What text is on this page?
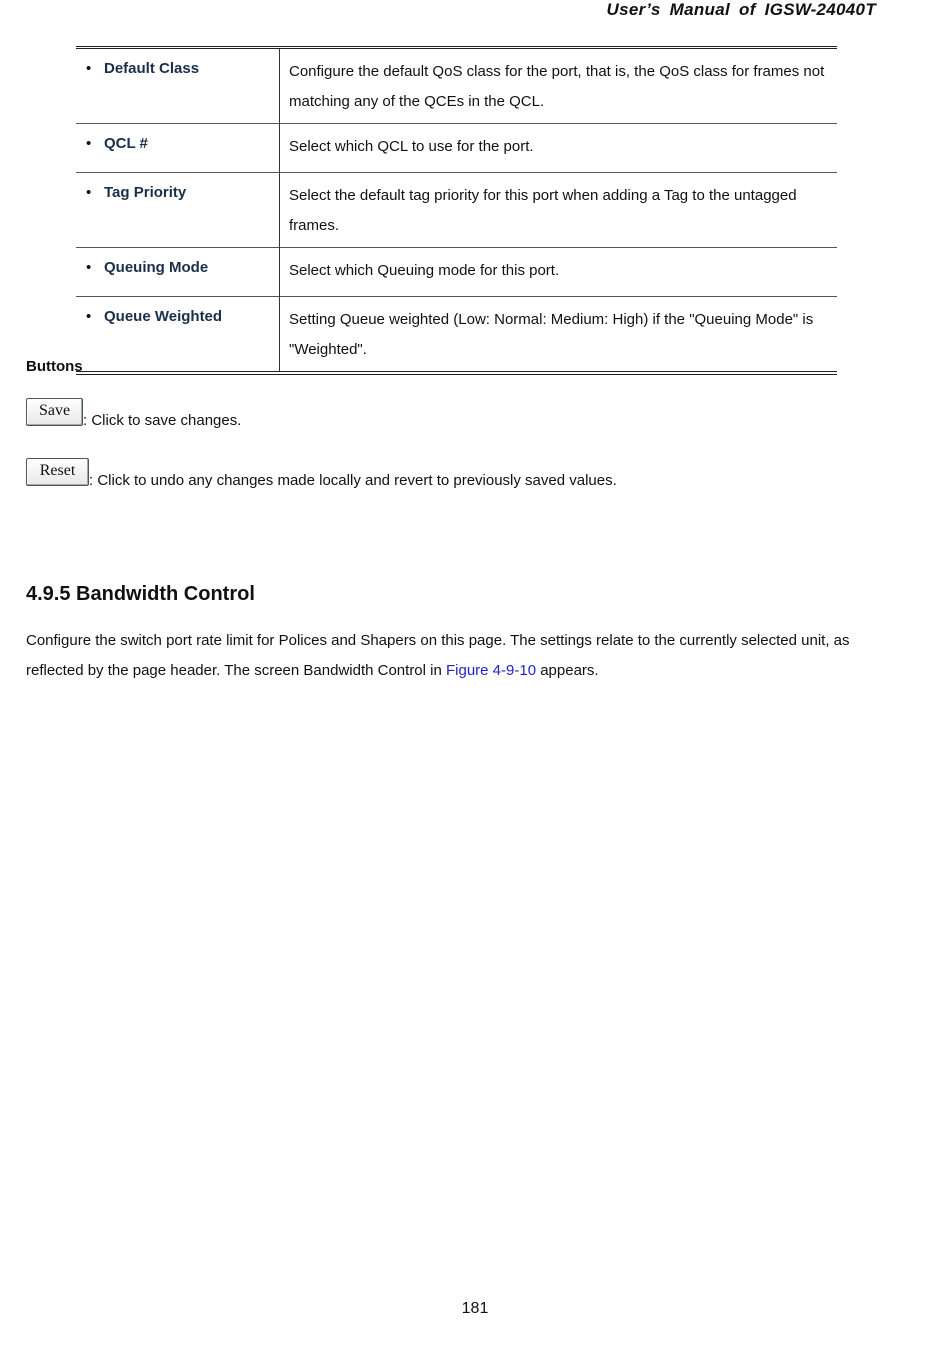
User’s Manual of IGSW-24040T
• Default Class	Configure the default QoS class for the port, that is, the QoS class for frames not matching any of the QCEs in the QCL.

• QCL #	Select which QCL to use for the port.

• Tag Priority	Select the default tag priority for this port when adding a Tag to the untagged frames.

• Queuing Mode	Select which Queuing mode for this port.

• Queue Weighted	Setting Queue weighted (Low: Normal: Medium: High) if the "Queuing Mode" is "Weighted".
Buttons
Save
: Click to save changes.
Reset
: Click to undo any changes made locally and revert to previously saved values.
4.9.5 Bandwidth Control
Configure the switch port rate limit for Polices and Shapers on this page. The settings relate to the currently selected unit, as reflected by the page header. The screen Bandwidth Control in Figure 4-9-10 appears.
181
